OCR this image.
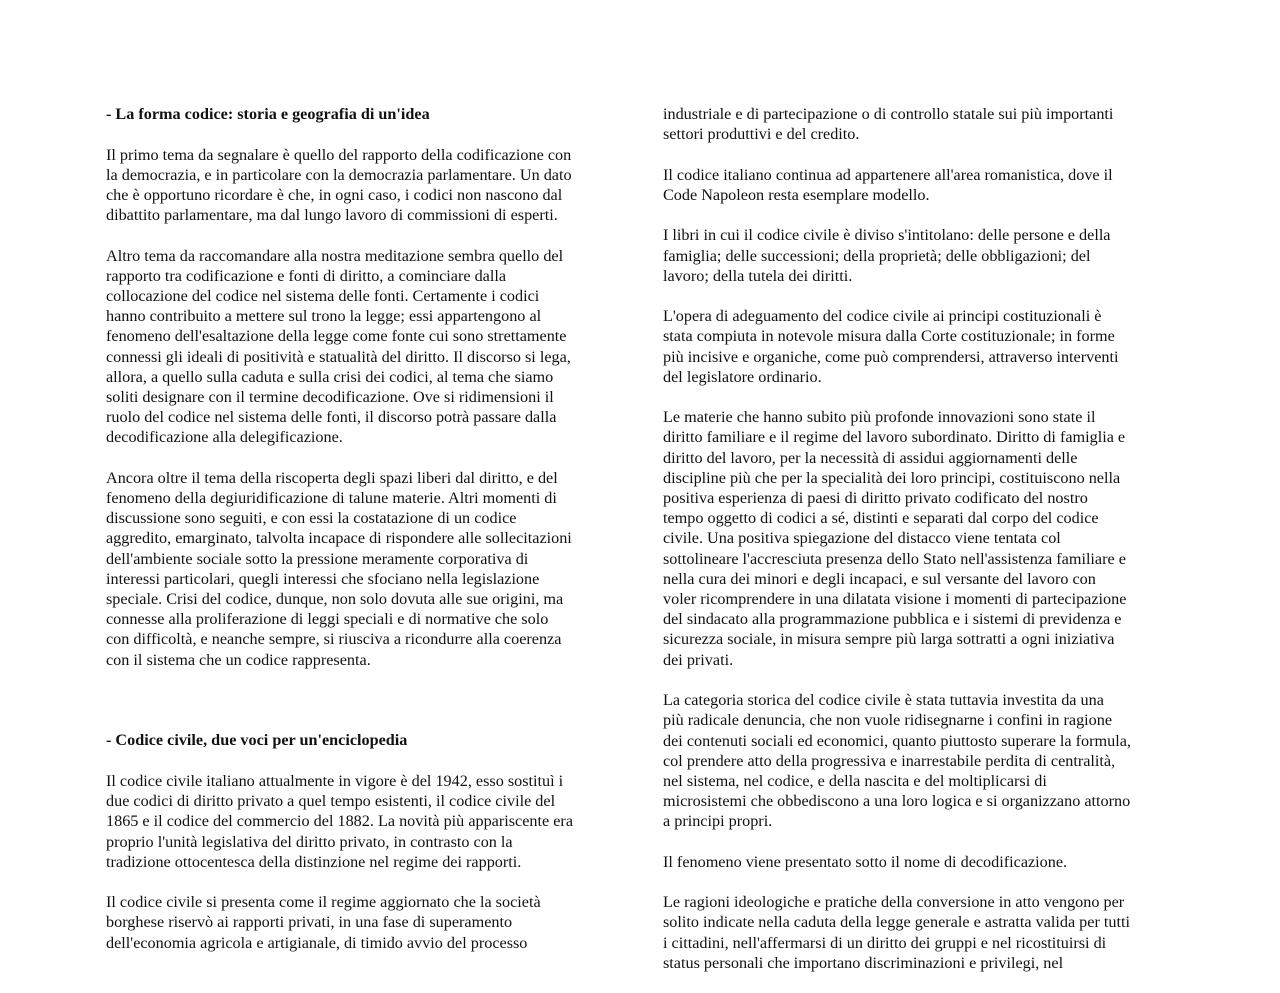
- La forma codice: storia e geografia di un'idea

Il primo tema da segnalare è quello del rapporto della codificazione con
la democrazia, e in particolare con la democrazia parlamentare. Un dato
che è opportuno ricordare è che, in ogni caso, i codici non nascono dal
dibattito parlamentare, ma dal lungo lavoro di commissioni di esperti.

Altro tema da raccomandare alla nostra meditazione sembra quello del
rapporto tra codificazione e fonti di diritto, a cominciare dalla
collocazione del codice nel sistema delle fonti. Certamente i codici
hanno contribuito a mettere sul trono la legge; essi appartengono al
fenomeno dell'esaltazione della legge come fonte cui sono strettamente
connessi gli ideali di positività e statualità del diritto. Il discorso si lega,
allora, a quello sulla caduta e sulla crisi dei codici, al tema che siamo
soliti designare con il termine decodificazione. Ove si ridimensioni il
ruolo del codice nel sistema delle fonti, il discorso potrà passare dalla
decodificazione alla delegificazione.

Ancora oltre il tema della riscoperta degli spazi liberi dal diritto, e del
fenomeno della degiuridificazione di talune materie. Altri momenti di
discussione sono seguiti, e con essi la costatazione di un codice
aggredito, emarginato, talvolta incapace di rispondere alle sollecitazioni
dell'ambiente sociale sotto la pressione meramente corporativa di
interessi particolari, quegli interessi che sfociano nella legislazione
speciale. Crisi del codice, dunque, non solo dovuta alle sue origini, ma
connesse alla proliferazione di leggi speciali e di normative che solo
con difficoltà, e neanche sempre, si riusciva a ricondurre alla coerenza
con il sistema che un codice rappresenta.

- Codice civile, due voci per un'enciclopedia

Il codice civile italiano attualmente in vigore è del 1942, esso sostituì i
due codici di diritto privato a quel tempo esistenti, il codice civile del
1865 e il codice del commercio del 1882. La novità più appariscente era
proprio l'unità legislativa del diritto privato, in contrasto con la
tradizione ottocentesca della distinzione nel regime dei rapporti.

Il codice civile si presenta come il regime aggiornato che la società
borghese riservò ai rapporti privati, in una fase di superamento
dell'economia agricola e artigianale, di timido avvio del processo

industriale e di partecipazione o di controllo statale sui più importanti
settori produttivi e del credito.

Il codice italiano continua ad appartenere all'area romanistica, dove il
Code Napoleon resta esemplare modello.

I libri in cui il codice civile è diviso s'intitolano: delle persone e della
famiglia; delle successioni; della proprietà; delle obbligazioni; del
lavoro; della tutela dei diritti.

L'opera di adeguamento del codice civile ai principi costituzionali è
stata compiuta in notevole misura dalla Corte costituzionale; in forme
più incisive e organiche, come può comprendersi, attraverso interventi
del legislatore ordinario.

Le materie che hanno subito più profonde innovazioni sono state il
diritto familiare e il regime del lavoro subordinato. Diritto di famiglia e
diritto del lavoro, per la necessità di assidui aggiornamenti delle
discipline più che per la specialità dei loro principi, costituiscono nella
positiva esperienza di paesi di diritto privato codificato del nostro
tempo oggetto di codici a sé, distinti e separati dal corpo del codice
civile. Una positiva spiegazione del distacco viene tentata col
sottolineare l'accresciuta presenza dello Stato nell'assistenza familiare e
nella cura dei minori e degli incapaci, e sul versante del lavoro con
voler ricomprendere in una dilatata visione i momenti di partecipazione
del sindacato alla programmazione pubblica e i sistemi di previdenza e
sicurezza sociale, in misura sempre più larga sottratti a ogni iniziativa
dei privati.

La categoria storica del codice civile è stata tuttavia investita da una
più radicale denuncia, che non vuole ridisegnarne i confini in ragione
dei contenuti sociali ed economici, quanto piuttosto superare la formula,
col prendere atto della progressiva e inarrestabile perdita di centralità,
nel sistema, nel codice, e della nascita e del moltiplicarsi di
microsistemi che obbediscono a una loro logica e si organizzano attorno
a principi propri.

Il fenomeno viene presentato sotto il nome di decodificazione.

Le ragioni ideologiche e pratiche della conversione in atto vengono per
solito indicate nella caduta della legge generale e astratta valida per tutti
i cittadini, nell'affermarsi di un diritto dei gruppi e nel ricostituirsi di
status personali che importano discriminazioni e privilegi, nel
